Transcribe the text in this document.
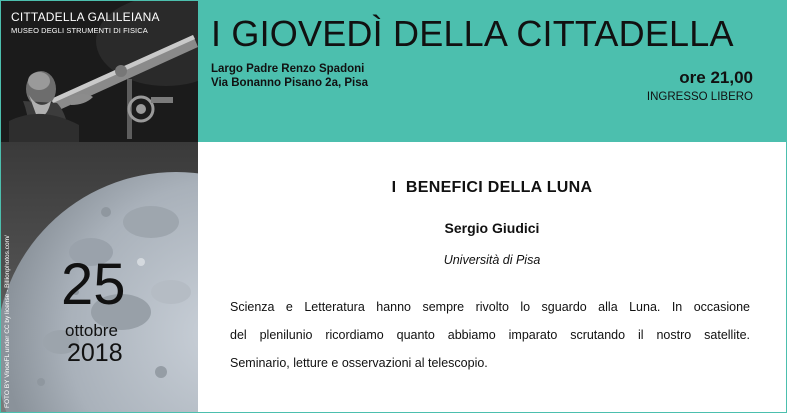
CITTADELLA GALILEIANA
MUSEO DEGLI STRUMENTI DI FISICA I GIOVEDÌ DELLA CITTADELLA
Largo Padre Renzo Spadoni
Via Bonanno Pisano 2a, Pisa	ore 21,00
INGRESSO LIBERO
25
ottobre
2018
FOTO BY VinoeFL under CC by license - Billionphotos.com/
I  BENEFICI DELLA LUNA
Sergio Giudici
Università di Pisa

Scienza e Letteratura hanno sempre rivolto lo sguardo alla Luna. In occasione

del plenilunio ricordiamo quanto abbiamo imparato scrutando il nostro satellite.

Seminario, letture e osservazioni al telescopio.
